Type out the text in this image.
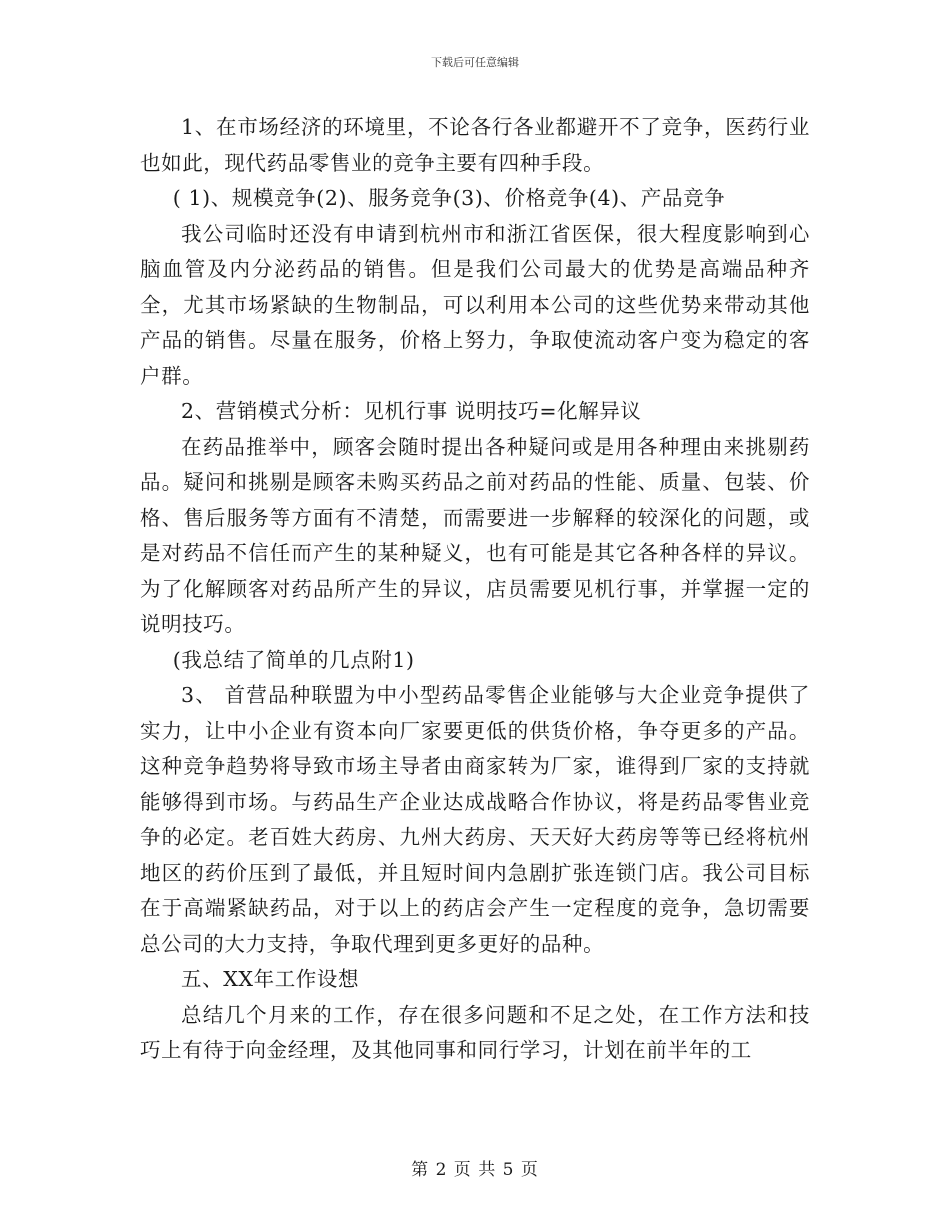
下载后可任意编辑

1、在市场经济的环境里，不论各行各业都避开不了竞争，医药行业也如此，现代药品零售业的竞争主要有四种手段。

( 1)、规模竞争(2)、服务竞争(3)、价格竞争(4)、产品竞争

我公司临时还没有申请到杭州市和浙江省医保，很大程度影响到心脑血管及内分泌药品的销售。但是我们公司最大的优势是高端品种齐全，尤其市场紧缺的生物制品，可以利用本公司的这些优势来带动其他产品的销售。尽量在服务，价格上努力，争取使流动客户变为稳定的客户群。

2、营销模式分析：见机行事 说明技巧=化解异议

在药品推举中，顾客会随时提出各种疑问或是用各种理由来挑剔药品。疑问和挑剔是顾客未购买药品之前对药品的性能、质量、包装、价格、售后服务等方面有不清楚，而需要进一步解释的较深化的问题，或是对药品不信任而产生的某种疑义，也有可能是其它各种各样的异议。为了化解顾客对药品所产生的异议，店员需要见机行事，并掌握一定的说明技巧。

(我总结了简单的几点附1)

3、 首营品种联盟为中小型药品零售企业能够与大企业竞争提供了实力，让中小企业有资本向厂家要更低的供货价格，争夺更多的产品。这种竞争趋势将导致市场主导者由商家转为厂家，谁得到厂家的支持就能够得到市场。与药品生产企业达成战略合作协议，将是药品零售业竞争的必定。老百姓大药房、九州大药房、天天好大药房等等已经将杭州地区的药价压到了最低，并且短时间内急剧扩张连锁门店。我公司目标在于高端紧缺药品，对于以上的药店会产生一定程度的竞争，急切需要总公司的大力支持，争取代理到更多更好的品种。

五、XX年工作设想

总结几个月来的工作，存在很多问题和不足之处，在工作方法和技巧上有待于向金经理，及其他同事和同行学习，计划在前半年的工

第 2 页 共 5 页
